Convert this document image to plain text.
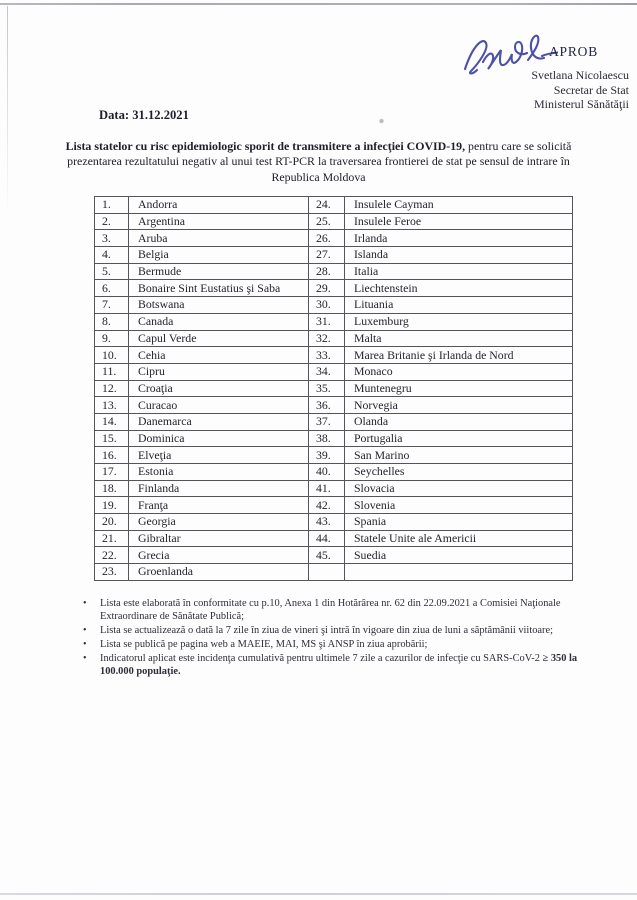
APROB
Svetlana Nicolaescu
Secretar de Stat
Ministerul Sănătăţii
Data: 31.12.2021
Lista statelor cu risc epidemiologic sporit de transmitere a infecţiei COVID-19, pentru care se solicită prezentarea rezultatului negativ al unui test RT-PCR la traversarea frontierei de stat pe sensul de intrare în Republica Moldova
1.	Andorra	24.	Insulele Cayman
2.	Argentina	25.	Insulele Feroe
3.	Aruba	26.	Irlanda
4.	Belgia	27.	Islanda
5.	Bermude	28.	Italia
6.	Bonaire Sint Eustatius şi Saba	29.	Liechtenstein
7.	Botswana	30.	Lituania
8.	Canada	31.	Luxemburg
9.	Capul Verde	32.	Malta
10.	Cehia	33.	Marea Britanie şi Irlanda de Nord
11.	Cipru	34.	Monaco
12.	Croaţia	35.	Muntenegru
13.	Curacao	36.	Norvegia
14.	Danemarca	37.	Olanda
15.	Dominica	38.	Portugalia
16.	Elveţia	39.	San Marino
17.	Estonia	40.	Seychelles
18.	Finlanda	41.	Slovacia
19.	Franţa	42.	Slovenia
20.	Georgia	43.	Spania
21.	Gibraltar	44.	Statele Unite ale Americii
22.	Grecia	45.	Suedia
23.	Groenlanda		
•	Lista este elaborată în conformitate cu p.10, Anexa 1 din Hotărârea nr. 62 din 22.09.2021 a Comisiei Naţionale Extraordinare de Sănătate Publică;
•	Lista se actualizează o dată la 7 zile în ziua de vineri şi intră în vigoare din ziua de luni a săptămânii viitoare;
•	Lista se publică pe pagina web a MAEIE, MAI, MS şi ANSP în ziua aprobării;
•	Indicatorul aplicat este incidenţa cumulativă pentru ultimele 7 zile a cazurilor de infecţie cu SARS-CoV-2 ≥ 350 la 100.000 populaţie.
